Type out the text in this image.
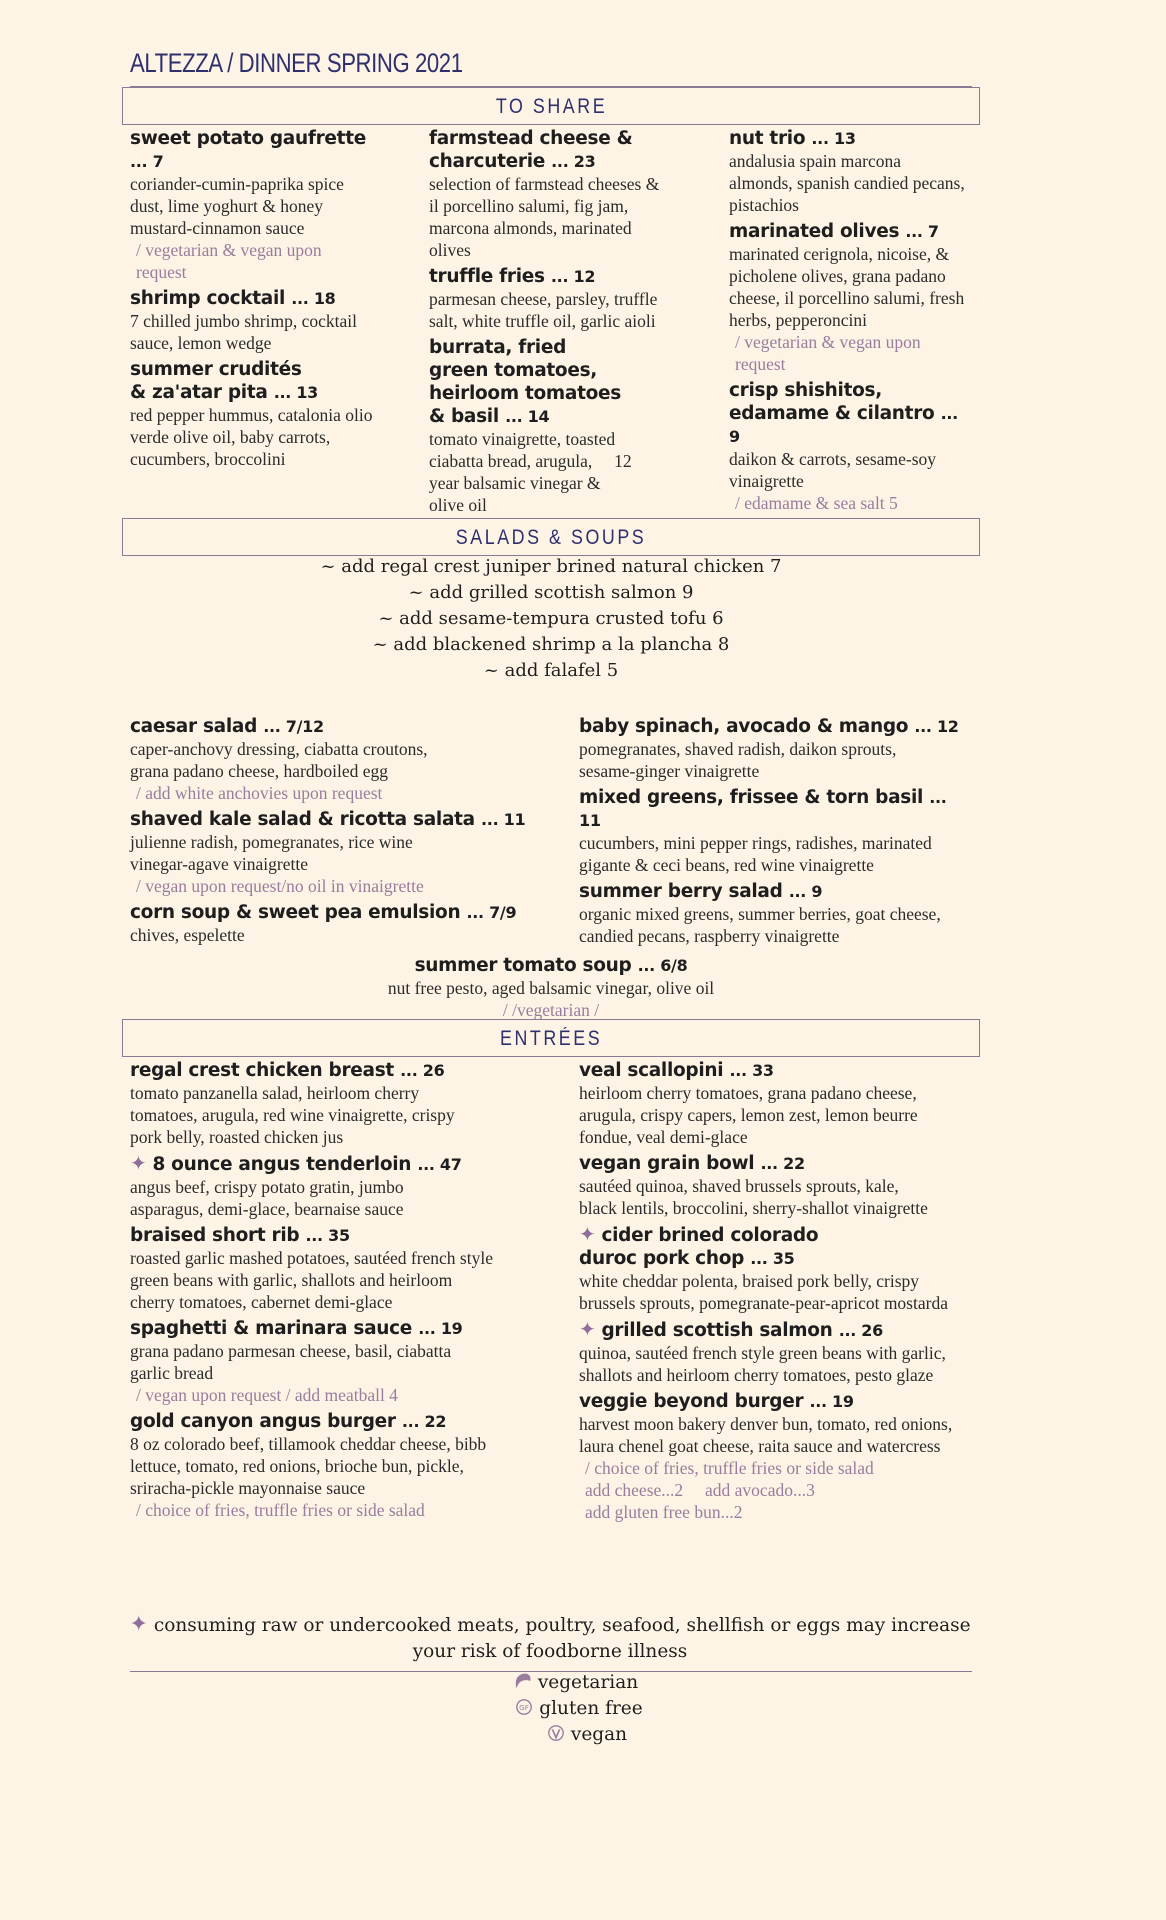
ALTEZZA / DINNER SPRING 2021
TO SHARE
sweet potato gaufrette
... 7
coriander-cumin-paprika spice dust, lime yoghurt & honey mustard-cinnamon sauce
/ vegetarian & vegan upon request
shrimp cocktail ... 18
7 chilled jumbo shrimp, cocktail sauce, lemon wedge
summer crudités & za'atar pita ... 13
red pepper hummus, catalonia olio verde olive oil, baby carrots, cucumbers, broccolini
farmstead cheese & charcuterie ... 23
selection of farmstead cheeses & il porcellino salumi, fig jam, marcona almonds, marinated olives
truffle fries ... 12
parmesan cheese, parsley, truffle salt, white truffle oil, garlic aioli
burrata, fried green tomatoes, heirloom tomatoes & basil ... 14
tomato vinaigrette, toasted ciabatta bread, arugula, 12
year balsamic vinegar & olive oil
nut trio ... 13
andalusia spain marcona almonds, spanish candied pecans, pistachios
marinated olives ... 7
marinated cerignola, nicoise, & picholene olives, grana padano cheese, il porcellino salumi, fresh herbs, pepperoncini
/ vegetarian & vegan upon request
crisp shishitos, edamame & cilantro ... 9
daikon & carrots, sesame-soy vinaigrette
/ edamame & sea salt 5
SALADS & SOUPS
~ add regal crest juniper brined natural chicken 7
~ add grilled scottish salmon 9
~ add sesame-tempura crusted tofu 6
~ add blackened shrimp a la plancha 8
~ add falafel 5
caesar salad ... 7/12
caper-anchovy dressing, ciabatta croutons, grana padano cheese, hardboiled egg
/ add white anchovies upon request
shaved kale salad & ricotta salata ... 11
julienne radish, pomegranates, rice wine vinegar-agave vinaigrette
/ vegan upon request/no oil in vinaigrette
corn soup & sweet pea emulsion ... 7/9
chives, espelette
baby spinach, avocado & mango ... 12
pomegranates, shaved radish, daikon sprouts, sesame-ginger vinaigrette
mixed greens, frissee & torn basil ... 11
cucumbers, mini pepper rings, radishes, marinated gigante & ceci beans, red wine vinaigrette
summer berry salad ... 9
organic mixed greens, summer berries, goat cheese, candied pecans, raspberry vinaigrette
summer tomato soup ... 6/8
nut free pesto, aged balsamic vinegar, olive oil
/ /vegetarian /
ENTRÉES
regal crest chicken breast ... 26
tomato panzanella salad, heirloom cherry tomatoes, arugula, red wine vinaigrette, crispy pork belly, roasted chicken jus
✦ 8 ounce angus tenderloin ... 47
angus beef, crispy potato gratin, jumbo asparagus, demi-glace, bearnaise sauce
braised short rib ... 35
roasted garlic mashed potatoes, sautéed french style green beans with garlic, shallots and heirloom cherry tomatoes, cabernet demi-glace
spaghetti & marinara sauce ... 19
grana padano parmesan cheese, basil, ciabatta garlic bread
/ vegan upon request / add meatball 4
gold canyon angus burger ... 22
8 oz colorado beef, tillamook cheddar cheese, bibb lettuce, tomato, red onions, brioche bun, pickle, sriracha-pickle mayonnaise sauce
/ choice of fries, truffle fries or side salad
veal scallopini ... 33
heirloom cherry tomatoes, grana padano cheese, arugula, crispy capers, lemon zest, lemon beurre fondue, veal demi-glace
vegan grain bowl ... 22
sautéed quinoa, shaved brussels sprouts, kale, black lentils, broccolini, sherry-shallot vinaigrette
✦ cider brined colorado
duroc pork chop ... 35
white cheddar polenta, braised pork belly, crispy brussels sprouts, pomegranate-pear-apricot mostarda
✦ grilled scottish salmon ... 26
quinoa, sautéed french style green beans with garlic, shallots and heirloom cherry tomatoes, pesto glaze
veggie beyond burger ... 19
harvest moon bakery denver bun, tomato, red onions, laura chenel goat cheese, raita sauce and watercress
/ choice of fries, truffle fries or side salad
add cheese...2     add avocado...3
add gluten free bun...2
✦ consuming raw or undercooked meats, poultry, seafood, shellfish or eggs may increase your risk of foodborne illness
vegetarian
GF gluten free
vegan
